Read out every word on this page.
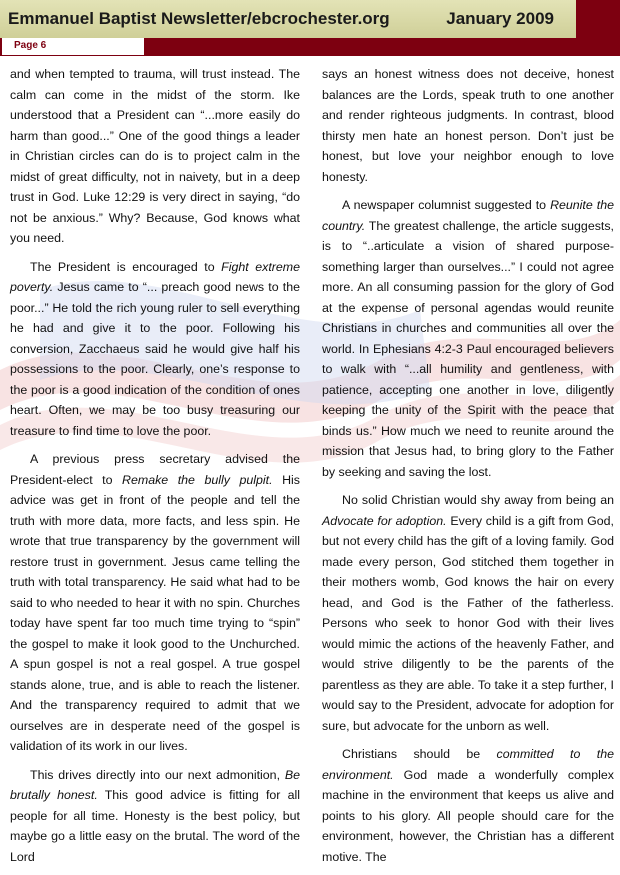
Emmanuel Baptist Newsletter/ebcrochester.org	January 2009
Page 6

and when tempted to trauma, will trust instead. The calm can come in the midst of the storm. Ike understood that a President can “...more easily do harm than good...” One of the good things a leader in Christian circles can do is to project calm in the midst of great difficulty, not in naivety, but in a deep trust in God. Luke 12:29 is very direct in saying, “do not be anxious.” Why? Because, God knows what you need.

The President is encouraged to Fight extreme poverty. Jesus came to “... preach good news to the poor...” He told the rich young ruler to sell everything he had and give it to the poor. Following his conversion, Zacchaeus said he would give half his possessions to the poor. Clearly, one’s response to the poor is a good indication of the condition of ones heart. Often, we may be too busy treasuring our treasure to find time to love the poor.

A previous press secretary advised the President-elect to Remake the bully pulpit. His advice was get in front of the people and tell the truth with more data, more facts, and less spin. He wrote that true transparency by the government will restore trust in government. Jesus came telling the truth with total transparency. He said what had to be said to who needed to hear it with no spin. Churches today have spent far too much time trying to “spin” the gospel to make it look good to the Unchurched. A spun gospel is not a real gospel. A true gospel stands alone, true, and is able to reach the listener. And the transparency required to admit that we ourselves are in desperate need of the gospel is validation of its work in our lives.

This drives directly into our next admonition, Be brutally honest. This good advice is fitting for all people for all time. Honesty is the best policy, but maybe go a little easy on the brutal. The word of the Lord

says an honest witness does not deceive, honest balances are the Lords, speak truth to one another and render righteous judgments. In contrast, blood thirsty men hate an honest person. Don’t just be honest, but love your neighbor enough to love honesty.

A newspaper columnist suggested to Reunite the country. The greatest challenge, the article suggests, is to “..articulate a vision of shared purpose-something larger than ourselves...” I could not agree more. An all consuming passion for the glory of God at the expense of personal agendas would reunite Christians in churches and communities all over the world. In Ephesians 4:2-3 Paul encouraged believers to walk with “...all humility and gentleness, with patience, accepting one another in love, diligently keeping the unity of the Spirit with the peace that binds us.” How much we need to reunite around the mission that Jesus had, to bring glory to the Father by seeking and saving the lost.

No solid Christian would shy away from being an Advocate for adoption. Every child is a gift from God, but not every child has the gift of a loving family. God made every person, God stitched them together in their mothers womb, God knows the hair on every head, and God is the Father of the fatherless. Persons who seek to honor God with their lives would mimic the actions of the heavenly Father, and would strive diligently to be the parents of the parentless as they are able. To take it a step further, I would say to the President, advocate for adoption for sure, but advocate for the unborn as well.

Christians should be committed to the environment. God made a wonderfully complex machine in the environment that keeps us alive and points to his glory. All people should care for the environment, however, the Christian has a different motive. The
